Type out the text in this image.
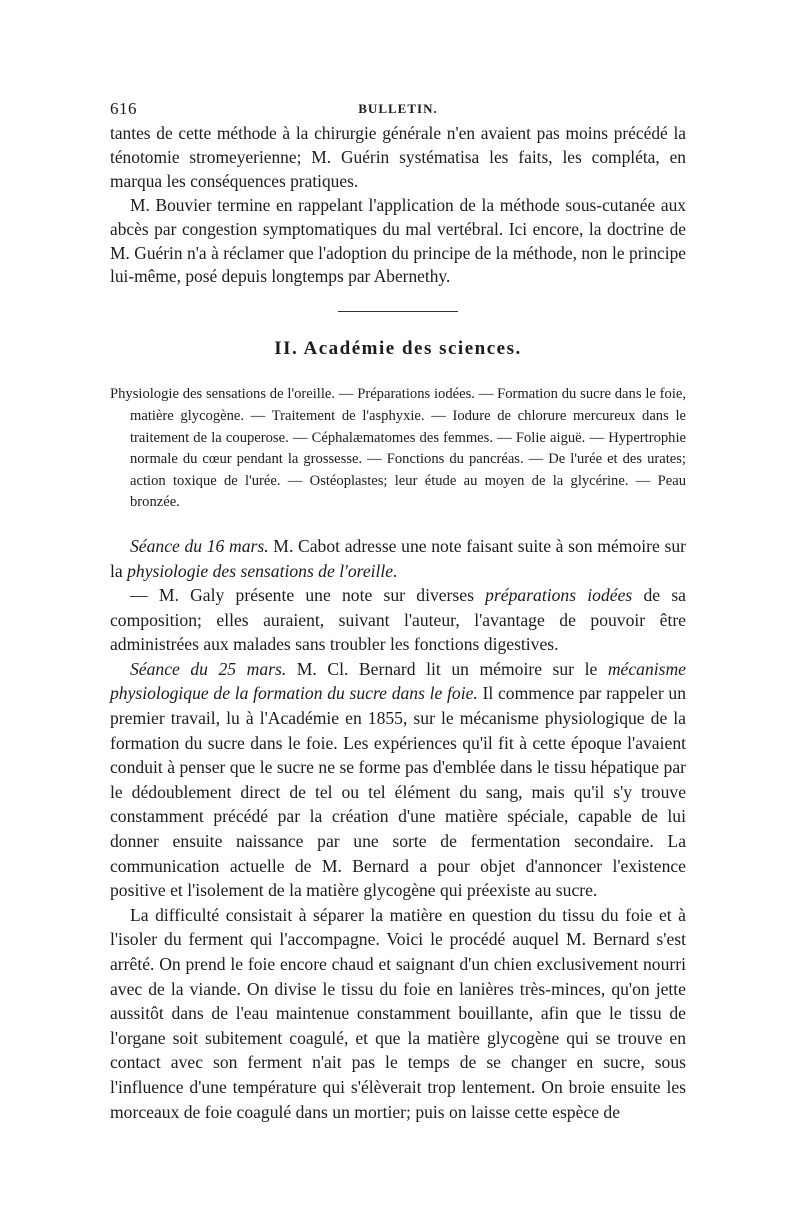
616	BULLETIN.

tantes de cette méthode à la chirurgie générale n'en avaient pas moins précédé la ténotomie stromeyerienne; M. Guérin systématisa les faits, les compléta, en marqua les conséquences pratiques.

M. Bouvier termine en rappelant l'application de la méthode sous-cutanée aux abcès par congestion symptomatiques du mal vertébral. Ici encore, la doctrine de M. Guérin n'a à réclamer que l'adoption du principe de la méthode, non le principe lui-même, posé depuis longtemps par Abernethy.

II. Académie des sciences.
Physiologie des sensations de l'oreille. — Préparations iodées. — Formation du sucre dans le foie, matière glycogène. — Traitement de l'asphyxie. — Iodure de chlorure mercureux dans le traitement de la couperose. — Céphalæmatomes des femmes. — Folie aiguë. — Hypertrophie normale du cœur pendant la grossesse. — Fonctions du pancréas. — De l'urée et des urates; action toxique de l'urée. — Ostéoplastes; leur étude au moyen de la glycérine. — Peau bronzée.

Séance du 16 mars. M. Cabot adresse une note faisant suite à son mémoire sur la physiologie des sensations de l'oreille.

— M. Galy présente une note sur diverses préparations iodées de sa composition; elles auraient, suivant l'auteur, l'avantage de pouvoir être administrées aux malades sans troubler les fonctions digestives.

Séance du 25 mars. M. Cl. Bernard lit un mémoire sur le mécanisme physiologique de la formation du sucre dans le foie. Il commence par rappeler un premier travail, lu à l'Académie en 1855, sur le mécanisme physiologique de la formation du sucre dans le foie. Les expériences qu'il fit à cette époque l'avaient conduit à penser que le sucre ne se forme pas d'emblée dans le tissu hépatique par le dédoublement direct de tel ou tel élément du sang, mais qu'il s'y trouve constamment précédé par la création d'une matière spéciale, capable de lui donner ensuite naissance par une sorte de fermentation secondaire. La communication actuelle de M. Bernard a pour objet d'annoncer l'existence positive et l'isolement de la matière glycogène qui préexiste au sucre.

La difficulté consistait à séparer la matière en question du tissu du foie et à l'isoler du ferment qui l'accompagne. Voici le procédé auquel M. Bernard s'est arrêté. On prend le foie encore chaud et saignant d'un chien exclusivement nourri avec de la viande. On divise le tissu du foie en lanières très-minces, qu'on jette aussitôt dans de l'eau maintenue constamment bouillante, afin que le tissu de l'organe soit subitement coagulé, et que la matière glycogène qui se trouve en contact avec son ferment n'ait pas le temps de se changer en sucre, sous l'influence d'une température qui s'élèverait trop lentement. On broie ensuite les morceaux de foie coagulé dans un mortier; puis on laisse cette espèce de
